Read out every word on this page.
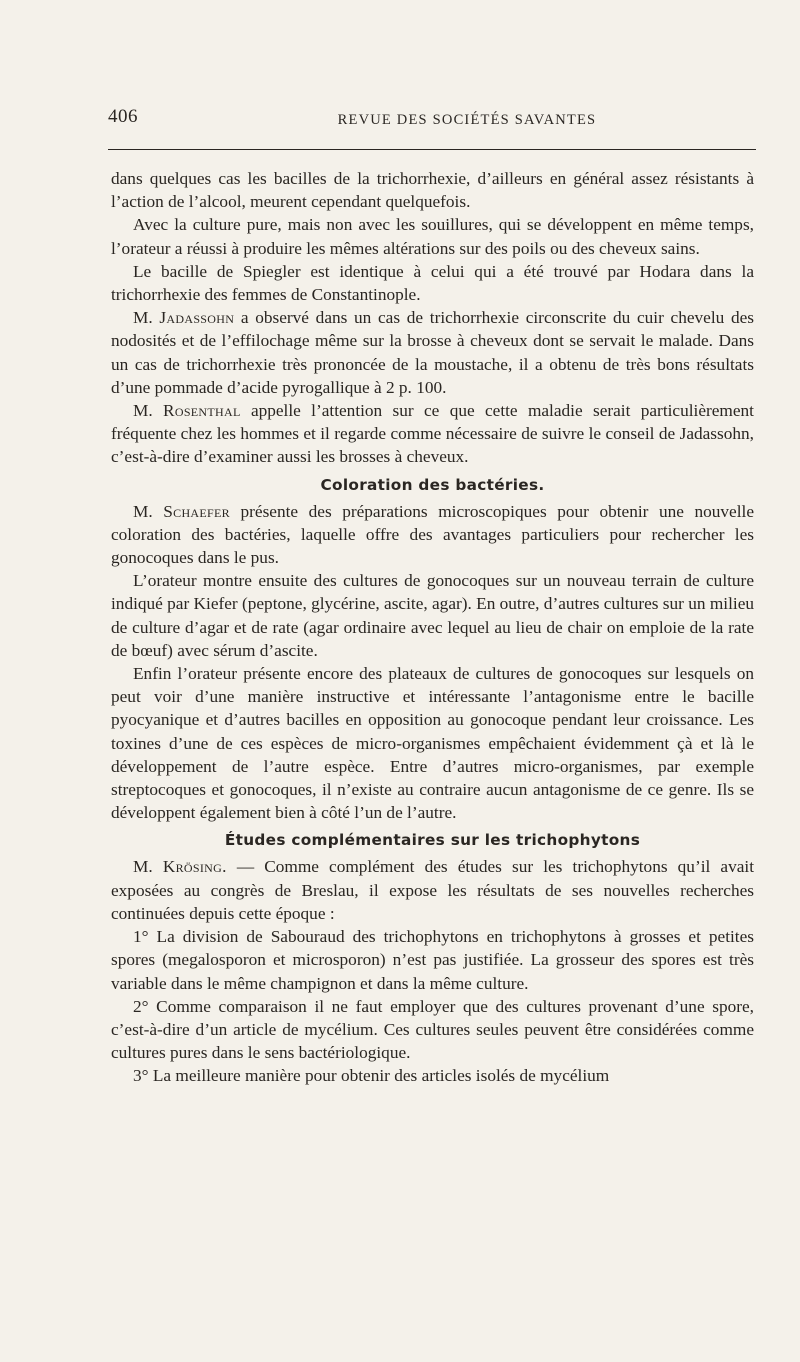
406	REVUE DES SOCIÉTÉS SAVANTES

dans quelques cas les bacilles de la trichorrhexie, d’ailleurs en général assez résistants à l’action de l’alcool, meurent cependant quelquefois.

Avec la culture pure, mais non avec les souillures, qui se développent en même temps, l’orateur a réussi à produire les mêmes altérations sur des poils ou des cheveux sains.

Le bacille de Spiegler est identique à celui qui a été trouvé par Hodara dans la trichorrhexie des femmes de Constantinople.

M. Jadassohn a observé dans un cas de trichorrhexie circonscrite du cuir chevelu des nodosités et de l’effilochage même sur la brosse à cheveux dont se servait le malade. Dans un cas de trichorrhexie très prononcée de la moustache, il a obtenu de très bons résultats d’une pommade d’acide pyrogallique à 2 p. 100.

M. Rosenthal appelle l’attention sur ce que cette maladie serait particulièrement fréquente chez les hommes et il regarde comme nécessaire de suivre le conseil de Jadassohn, c’est-à-dire d’examiner aussi les brosses à cheveux.

Coloration des bactéries.

M. Schaefer présente des préparations microscopiques pour obtenir une nouvelle coloration des bactéries, laquelle offre des avantages particuliers pour rechercher les gonocoques dans le pus.

L’orateur montre ensuite des cultures de gonocoques sur un nouveau terrain de culture indiqué par Kiefer (peptone, glycérine, ascite, agar). En outre, d’autres cultures sur un milieu de culture d’agar et de rate (agar ordinaire avec lequel au lieu de chair on emploie de la rate de bœuf) avec sérum d’ascite.

Enfin l’orateur présente encore des plateaux de cultures de gonocoques sur lesquels on peut voir d’une manière instructive et intéressante l’antagonisme entre le bacille pyocyanique et d’autres bacilles en opposition au gonocoque pendant leur croissance. Les toxines d’une de ces espèces de micro-organismes empêchaient évidemment çà et là le développement de l’autre espèce. Entre d’autres micro-organismes, par exemple streptocoques et gonocoques, il n’existe au contraire aucun antagonisme de ce genre. Ils se développent également bien à côté l’un de l’autre.

Études complémentaires sur les trichophytons

M. Krösing. — Comme complément des études sur les trichophytons qu’il avait exposées au congrès de Breslau, il expose les résultats de ses nouvelles recherches continuées depuis cette époque :

1° La division de Sabouraud des trichophytons en trichophytons à grosses et petites spores (megalosporon et microsporon) n’est pas justifiée. La grosseur des spores est très variable dans le même champignon et dans la même culture.

2° Comme comparaison il ne faut employer que des cultures provenant d’une spore, c’est-à-dire d’un article de mycélium. Ces cultures seules peuvent être considérées comme cultures pures dans le sens bactériologique.

3° La meilleure manière pour obtenir des articles isolés de mycélium
